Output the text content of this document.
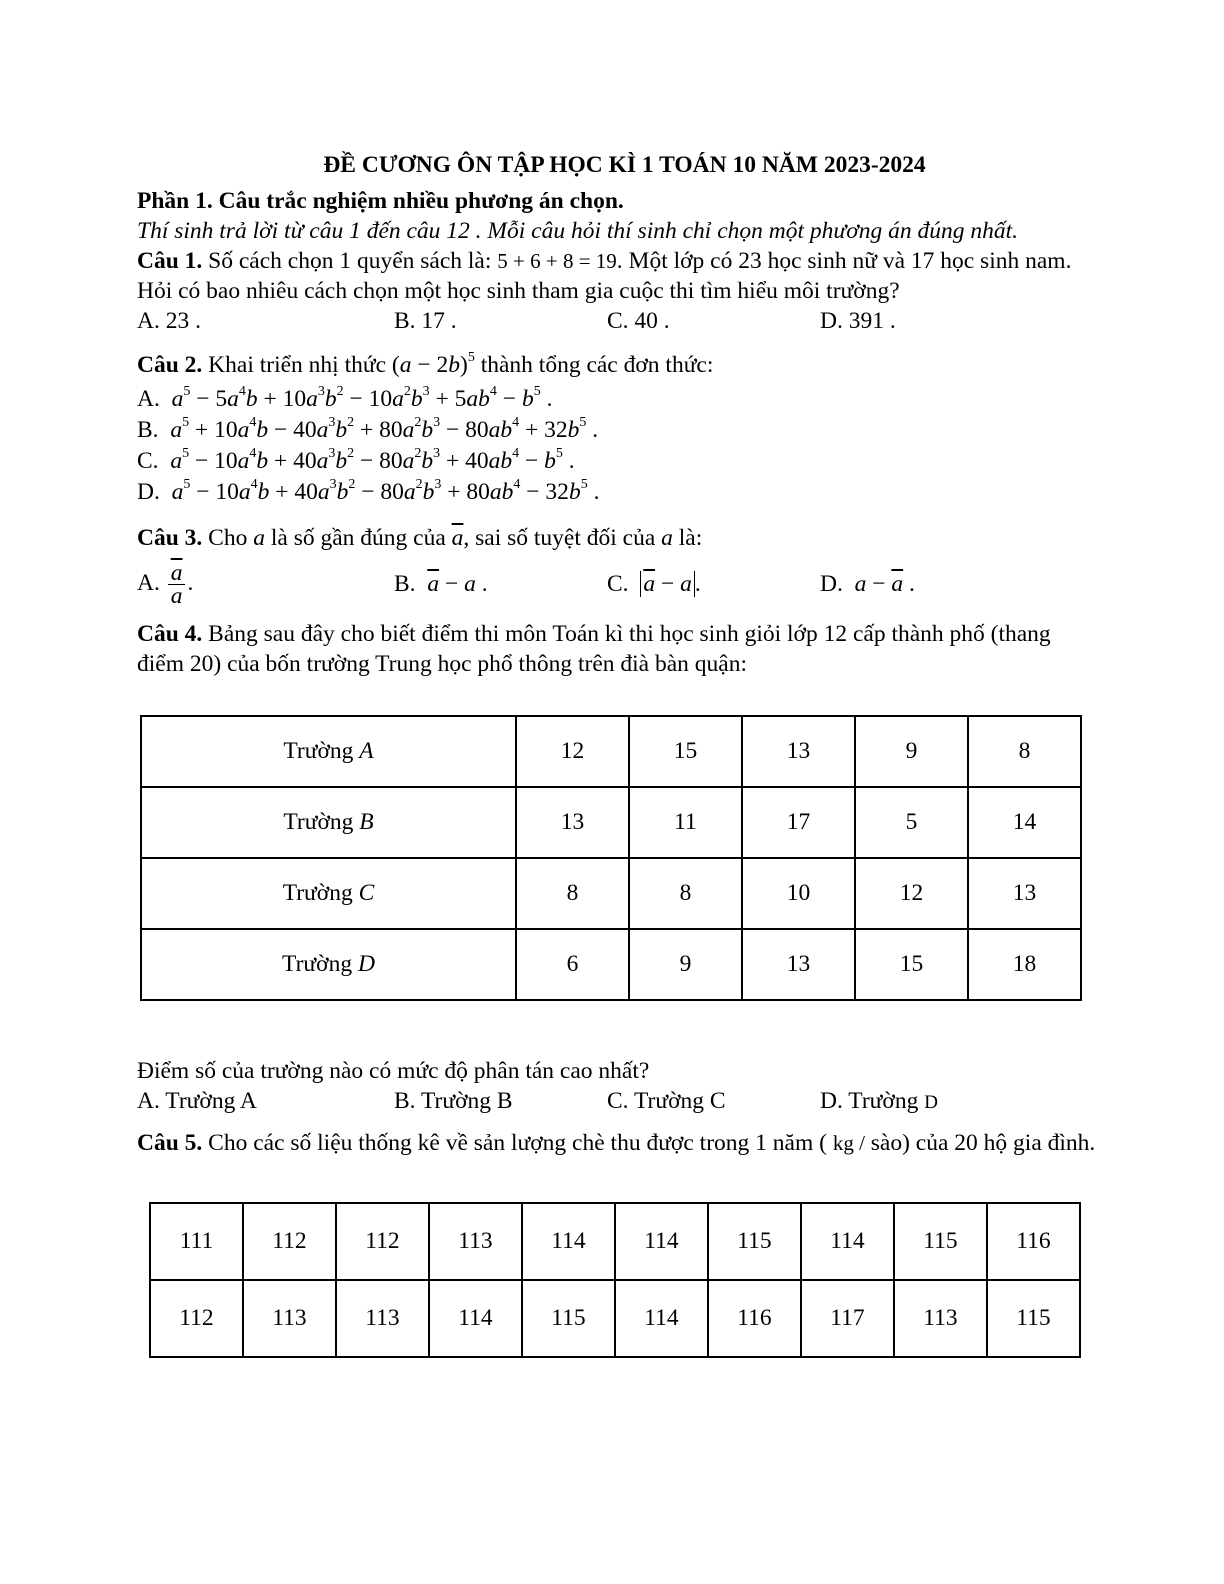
ĐỀ CƯƠNG ÔN TẬP HỌC KÌ 1 TOÁN 10 NĂM 2023-2024

Phần 1. Câu trắc nghiệm nhiều phương án chọn.

Thí sinh trả lời từ câu 1 đến câu 12 . Mỗi câu hỏi thí sinh chỉ chọn một phương án đúng nhất.

Câu 1. Số cách chọn 1 quyển sách là: 5 + 6 + 8 = 19. Một lớp có 23 học sinh nữ và 17 học sinh nam. Hỏi có bao nhiêu cách chọn một học sinh tham gia cuộc thi tìm hiểu môi trường?

A. 23 .	B. 17 .	C. 40 .	D. 391 .

Câu 2. Khai triển nhị thức $(a - 2b)^5$ thành tổng các đơn thức:

A. $a^5 - 5a^4b + 10a^3b^2 - 10a^2b^3 + 5ab^4 - b^5$ .

B. $a^5 + 10a^4b - 40a^3b^2 + 80a^2b^3 - 80ab^4 + 32b^5$ .

C. $a^5 - 10a^4b + 40a^3b^2 - 80a^2b^3 + 40ab^4 - b^5$ .

D. $a^5 - 10a^4b + 40a^3b^2 - 80a^2b^3 + 80ab^4 - 32b^5$ .

Câu 3. Cho a là số gần đúng của $\overline{a}$, sai số tuyệt đối của a là:

A. $\frac{\overline{a}}{a}$ .	B. $\overline{a} - a$ .	C. $\overline{a} - a$ .	D. $a - \overline{a}$ .

Câu 4. Bảng sau đây cho biết điểm thi môn Toán kì thi học sinh giỏi lớp 12 cấp thành phố (thang điểm 20) của bốn trường Trung học phổ thông trên đià bàn quận:

Trường A	12	15	13	9	8
Trường B	13	11	17	5	14
Trường C	8	8	10	12	13
Trường D	6	9	13	15	18

Điểm số của trường nào có mức độ phân tán cao nhất?

A. Trường A	B. Trường B	C. Trường C	D. Trường D

Câu 5. Cho các số liệu thống kê về sản lượng chè thu được trong 1 năm ( kg / sào) của 20 hộ gia đình.

111	112	112	113	114	114	115	114	115	116
112	113	113	114	115	114	116	117	113	115
